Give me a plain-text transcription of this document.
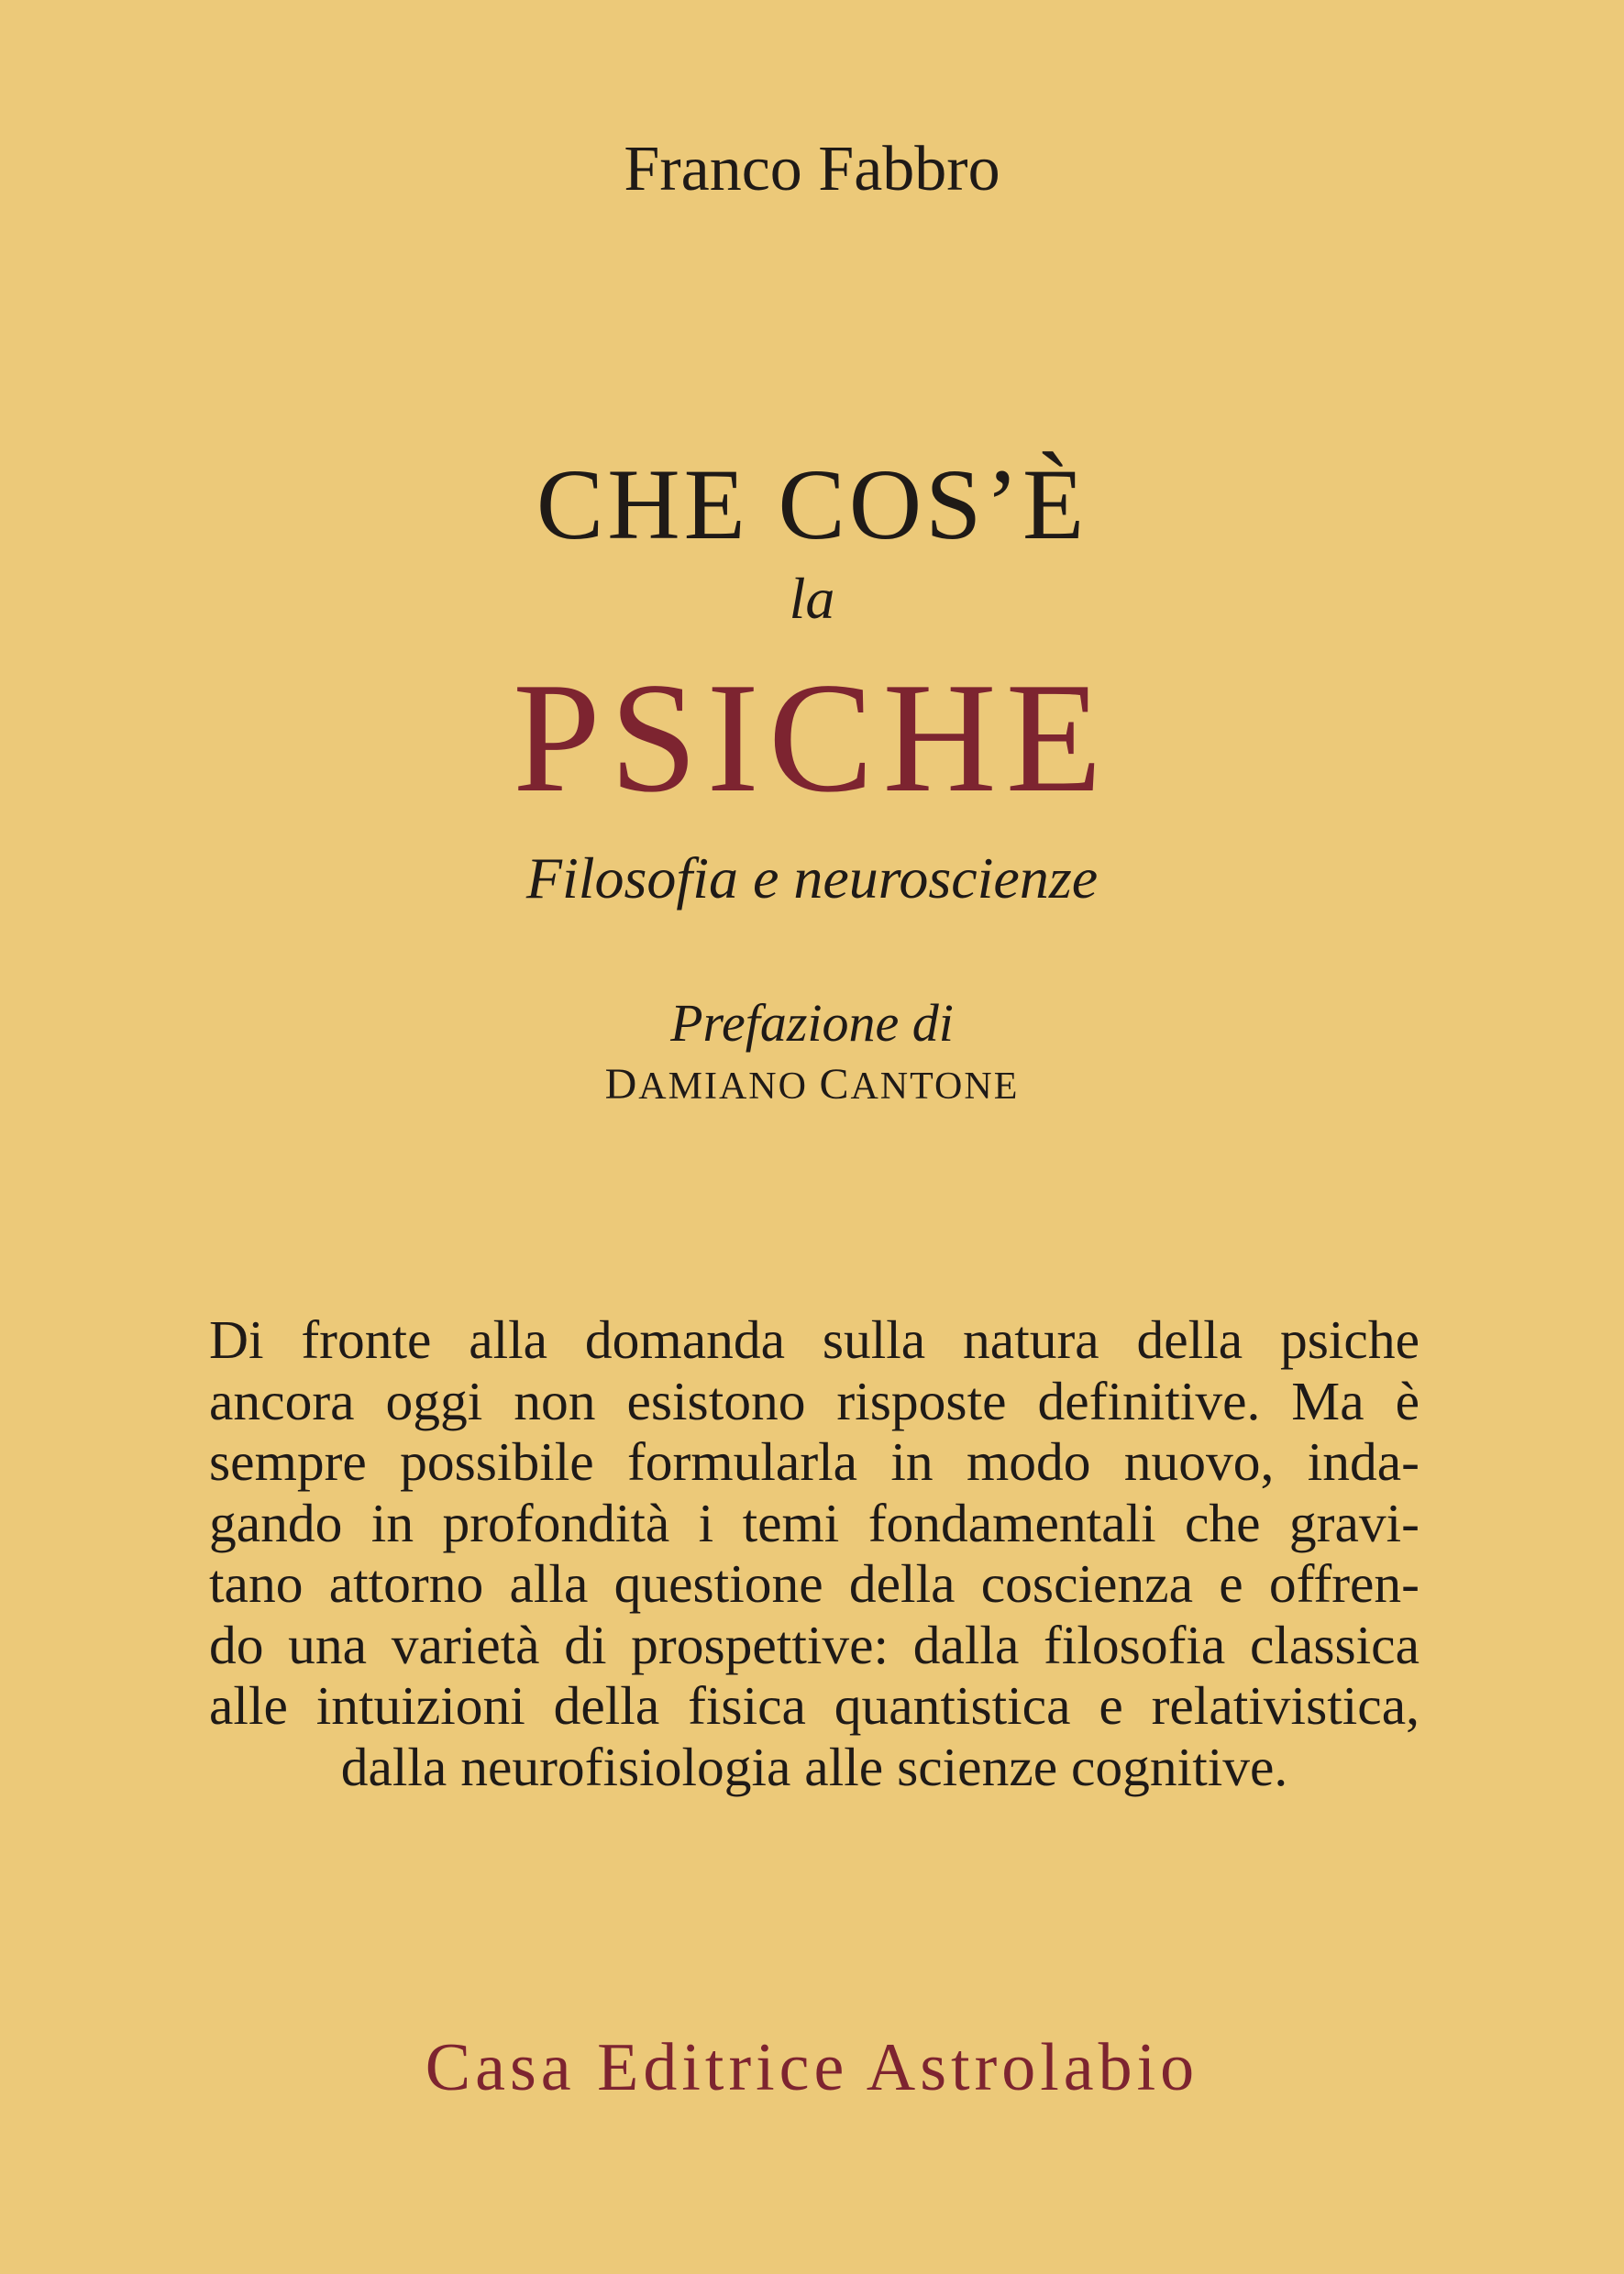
Franco Fabbro
CHE COS’È
la
PSICHE
Filosofia e neuroscienze
Prefazione di
DAMIANO CANTONE
Di fronte alla domanda sulla natura della psiche
ancora oggi non esistono risposte definitive. Ma è
sempre possibile formularla in modo nuovo, inda-
gando in profondità i temi fondamentali che gravi-
tano attorno alla questione della coscienza e offren-
do una varietà di prospettive: dalla filosofia classica
alle intuizioni della fisica quantistica e relativistica,
dalla neurofisiologia alle scienze cognitive.
Casa Editrice Astrolabio
